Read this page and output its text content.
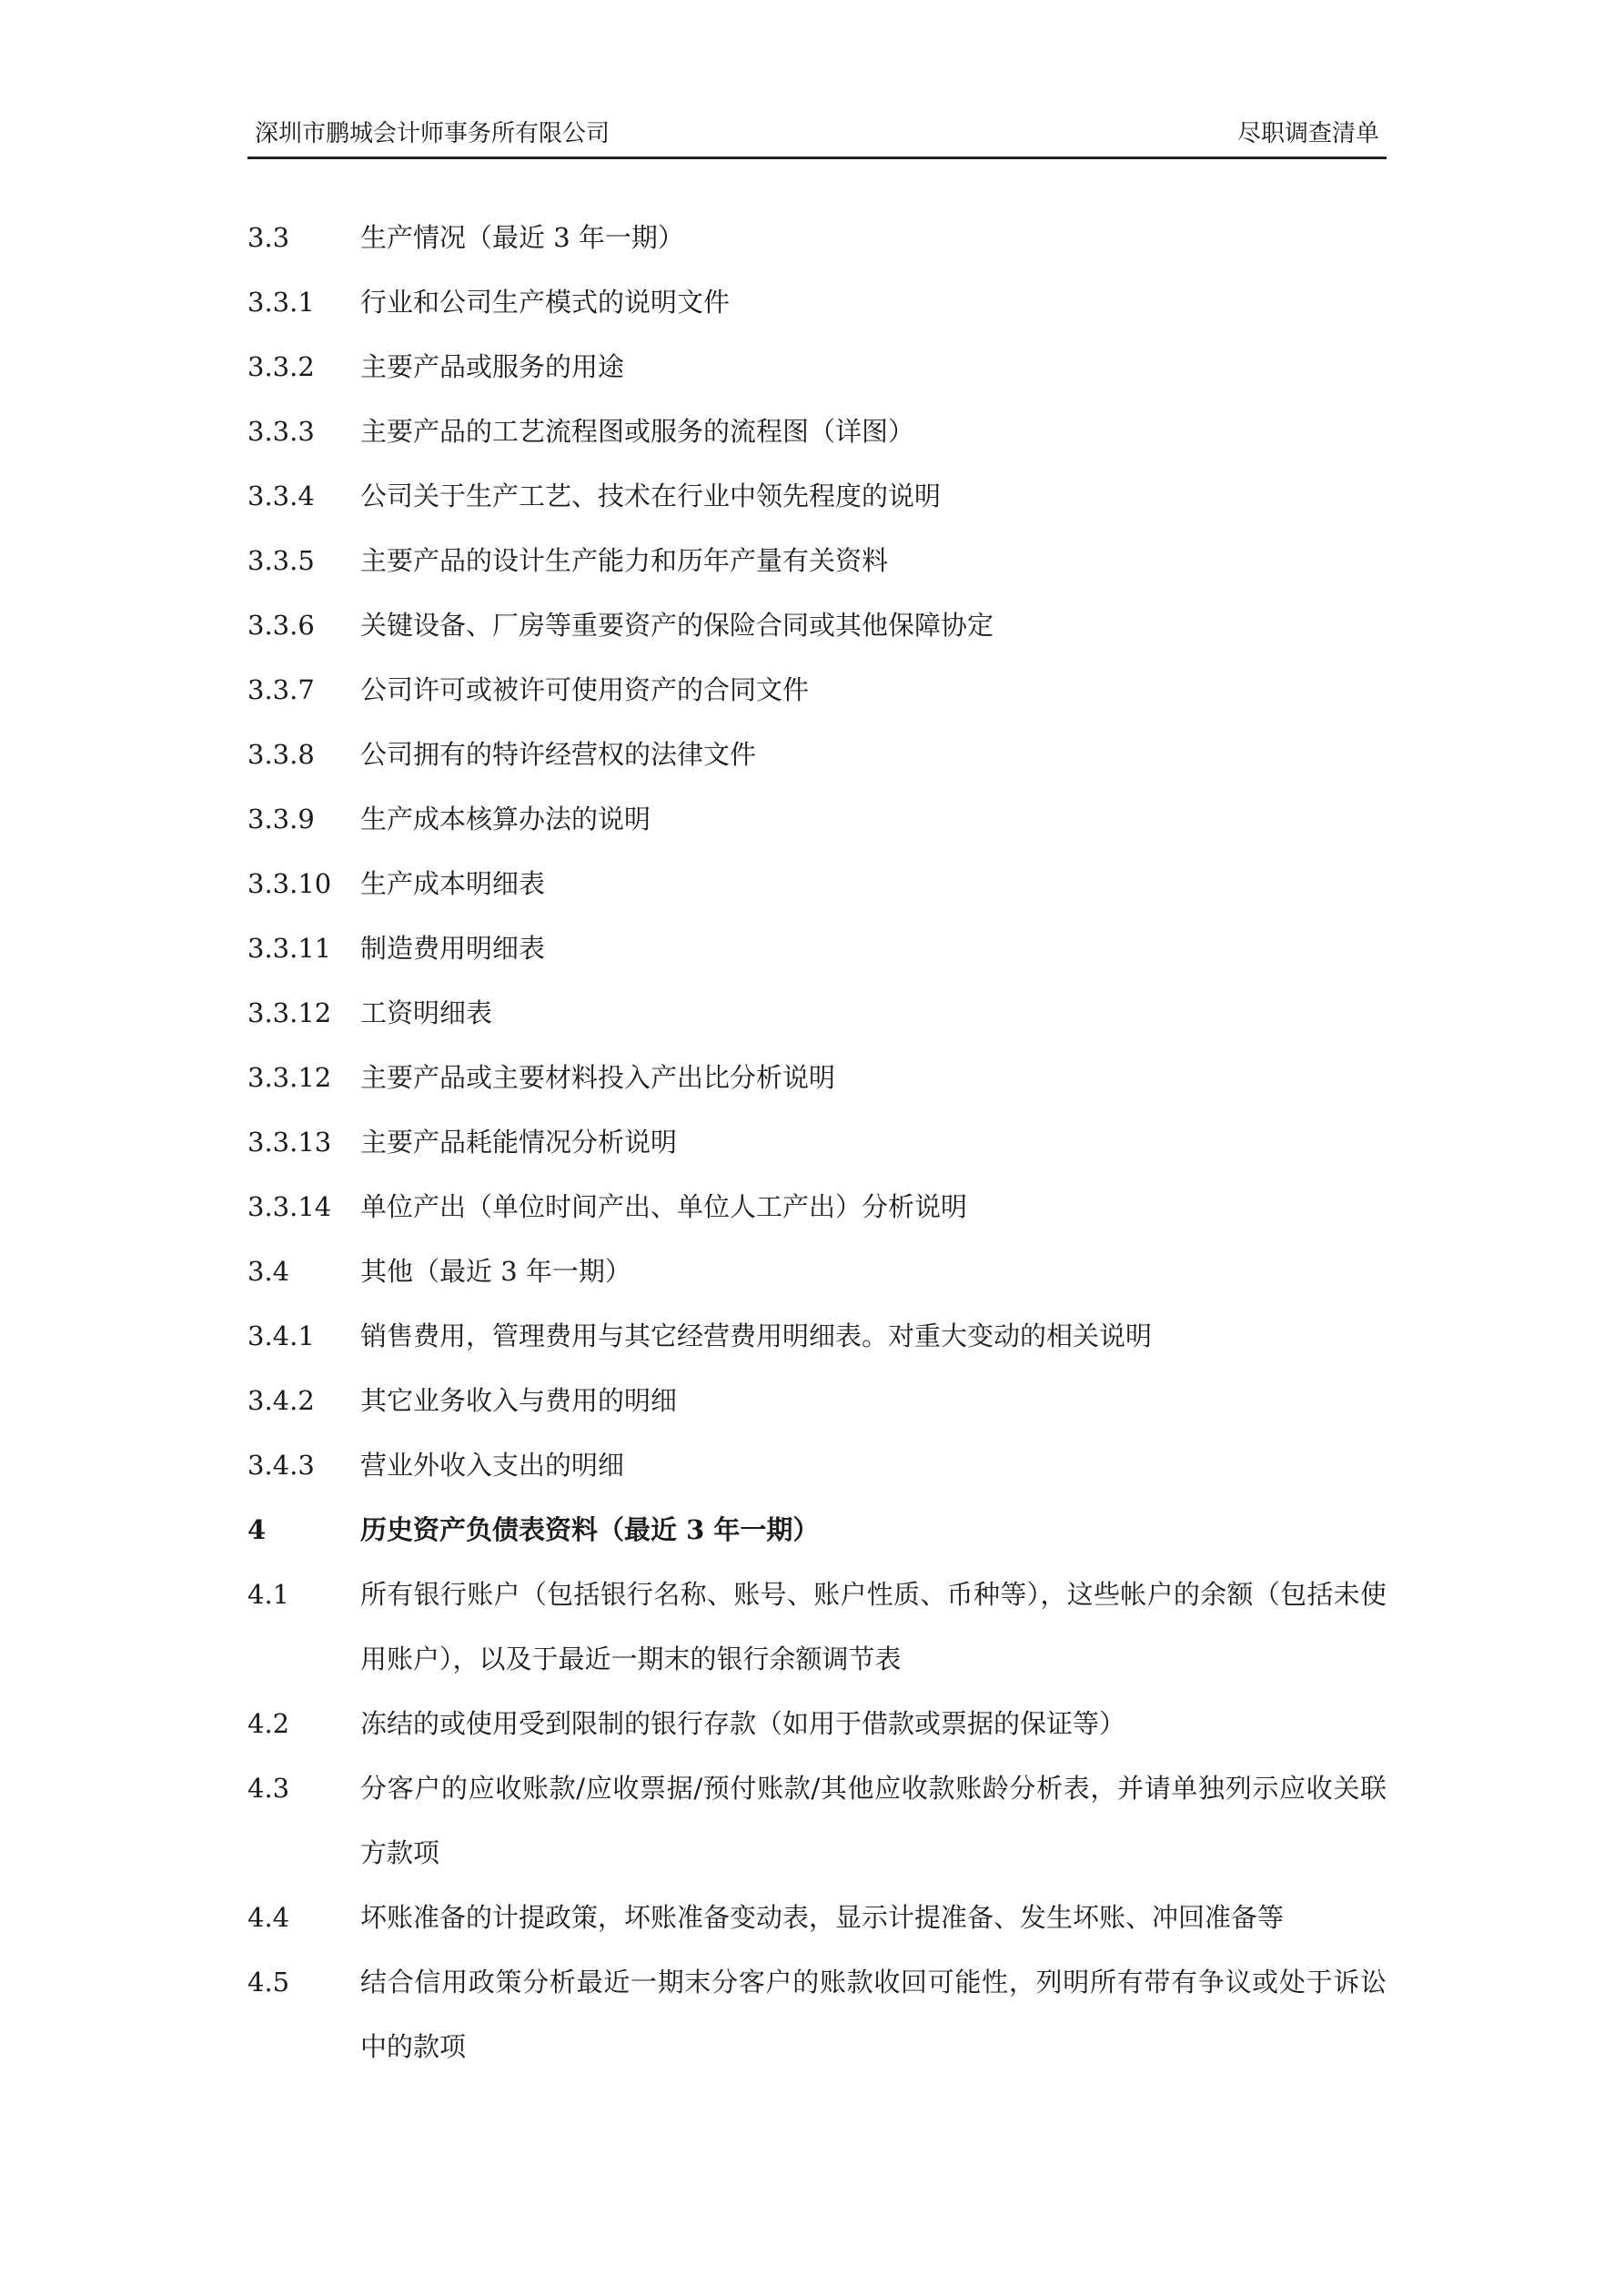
深圳市鹏城会计师事务所有限公司	尽职调查清单
3.3	生产情况（最近 3 年一期）
3.3.1	行业和公司生产模式的说明文件
3.3.2	主要产品或服务的用途
3.3.3	主要产品的工艺流程图或服务的流程图（详图）
3.3.4	公司关于生产工艺、技术在行业中领先程度的说明
3.3.5	主要产品的设计生产能力和历年产量有关资料
3.3.6	关键设备、厂房等重要资产的保险合同或其他保障协定
3.3.7	公司许可或被许可使用资产的合同文件
3.3.8	公司拥有的特许经营权的法律文件
3.3.9	生产成本核算办法的说明
3.3.10	生产成本明细表
3.3.11	制造费用明细表
3.3.12	工资明细表
3.3.12	主要产品或主要材料投入产出比分析说明
3.3.13	主要产品耗能情况分析说明
3.3.14	单位产出（单位时间产出、单位人工产出）分析说明
3.4	其他（最近 3 年一期）
3.4.1	销售费用，管理费用与其它经营费用明细表。对重大变动的相关说明
3.4.2	其它业务收入与费用的明细
3.4.3	营业外收入支出的明细
4	历史资产负债表资料（最近 3 年一期）
4.1	所有银行账户（包括银行名称、账号、账户性质、币种等），这些帐户的余额（包括未使用账户），以及于最近一期末的银行余额调节表
4.2	冻结的或使用受到限制的银行存款（如用于借款或票据的保证等）
4.3	分客户的应收账款/应收票据/预付账款/其他应收款账龄分析表，并请单独列示应收关联方款项
4.4	坏账准备的计提政策，坏账准备变动表，显示计提准备、发生坏账、冲回准备等
4.5	结合信用政策分析最近一期末分客户的账款收回可能性，列明所有带有争议或处于诉讼中的款项
